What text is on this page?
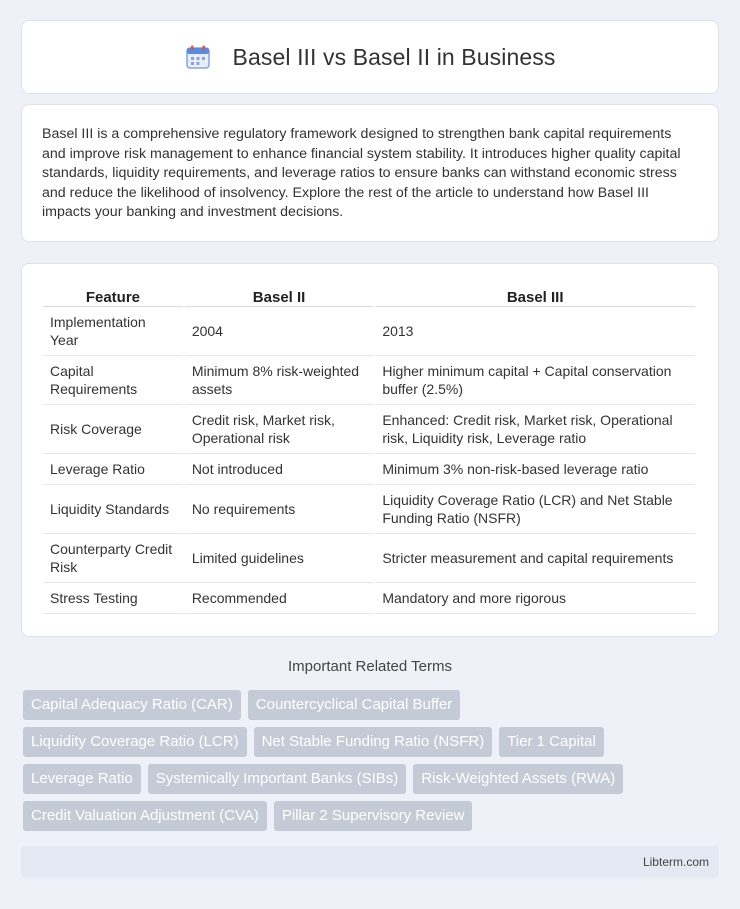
Basel III vs Basel II in Business

Basel III is a comprehensive regulatory framework designed to strengthen bank capital requirements and improve risk management to enhance financial system stability. It introduces higher quality capital standards, liquidity requirements, and leverage ratios to ensure banks can withstand economic stress and reduce the likelihood of insolvency. Explore the rest of the article to understand how Basel III impacts your banking and investment decisions.

Feature	Basel II	Basel III
Implementation Year	2004	2013
Capital Requirements	Minimum 8% risk-weighted assets	Higher minimum capital + Capital conservation buffer (2.5%)
Risk Coverage	Credit risk, Market risk, Operational risk	Enhanced: Credit risk, Market risk, Operational risk, Liquidity risk, Leverage ratio
Leverage Ratio	Not introduced	Minimum 3% non-risk-based leverage ratio
Liquidity Standards	No requirements	Liquidity Coverage Ratio (LCR) and Net Stable Funding Ratio (NSFR)
Counterparty Credit Risk	Limited guidelines	Stricter measurement and capital requirements
Stress Testing	Recommended	Mandatory and more rigorous
Important Related Terms
Capital Adequacy Ratio (CAR)	Countercyclical Capital Buffer
Liquidity Coverage Ratio (LCR)	Net Stable Funding Ratio (NSFR)	Tier 1 Capital
Leverage Ratio	Systemically Important Banks (SIBs)	Risk-Weighted Assets (RWA)
Credit Valuation Adjustment (CVA)	Pillar 2 Supervisory Review
Libterm.com
